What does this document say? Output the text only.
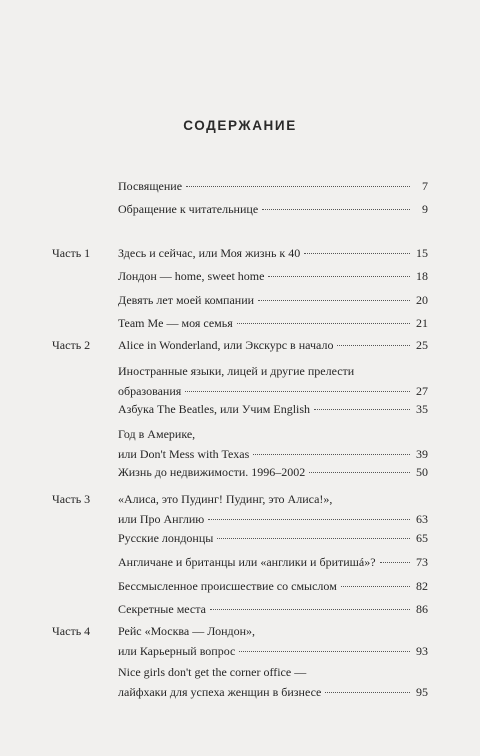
СОДЕРЖАНИЕ
Посвящение	7
Обращение к читательнице	9
Часть 1 Здесь и сейчас, или Моя жизнь к 40	15
Лондон — home, sweet home	18
Девять лет моей компании	20
Team Me — моя семья	21
Часть 2 Alice in Wonderland, или Экскурс в начало	25
Иностранные языки, лицей и другие прелести
образования	27
Азбука The Beatles, или Учим English	35
Год в Америке,
или Don't Mess with Texas	39
Жизнь до недвижимости. 1996–2002	50
Часть 3 «Алиса, это Пудинг! Пудинг, это Алиса!»,
или Про Англию	63
Русские лондонцы	65
Англичане и британцы или «англики и бритишá»?	73
Бессмысленное происшествие со смыслом	82
Секретные места	86
Часть 4 Рейс «Москва — Лондон»,
или Карьерный вопрос	93
Nice girls don't get the corner office —
лайфхаки для успеха женщин в бизнесе	95
